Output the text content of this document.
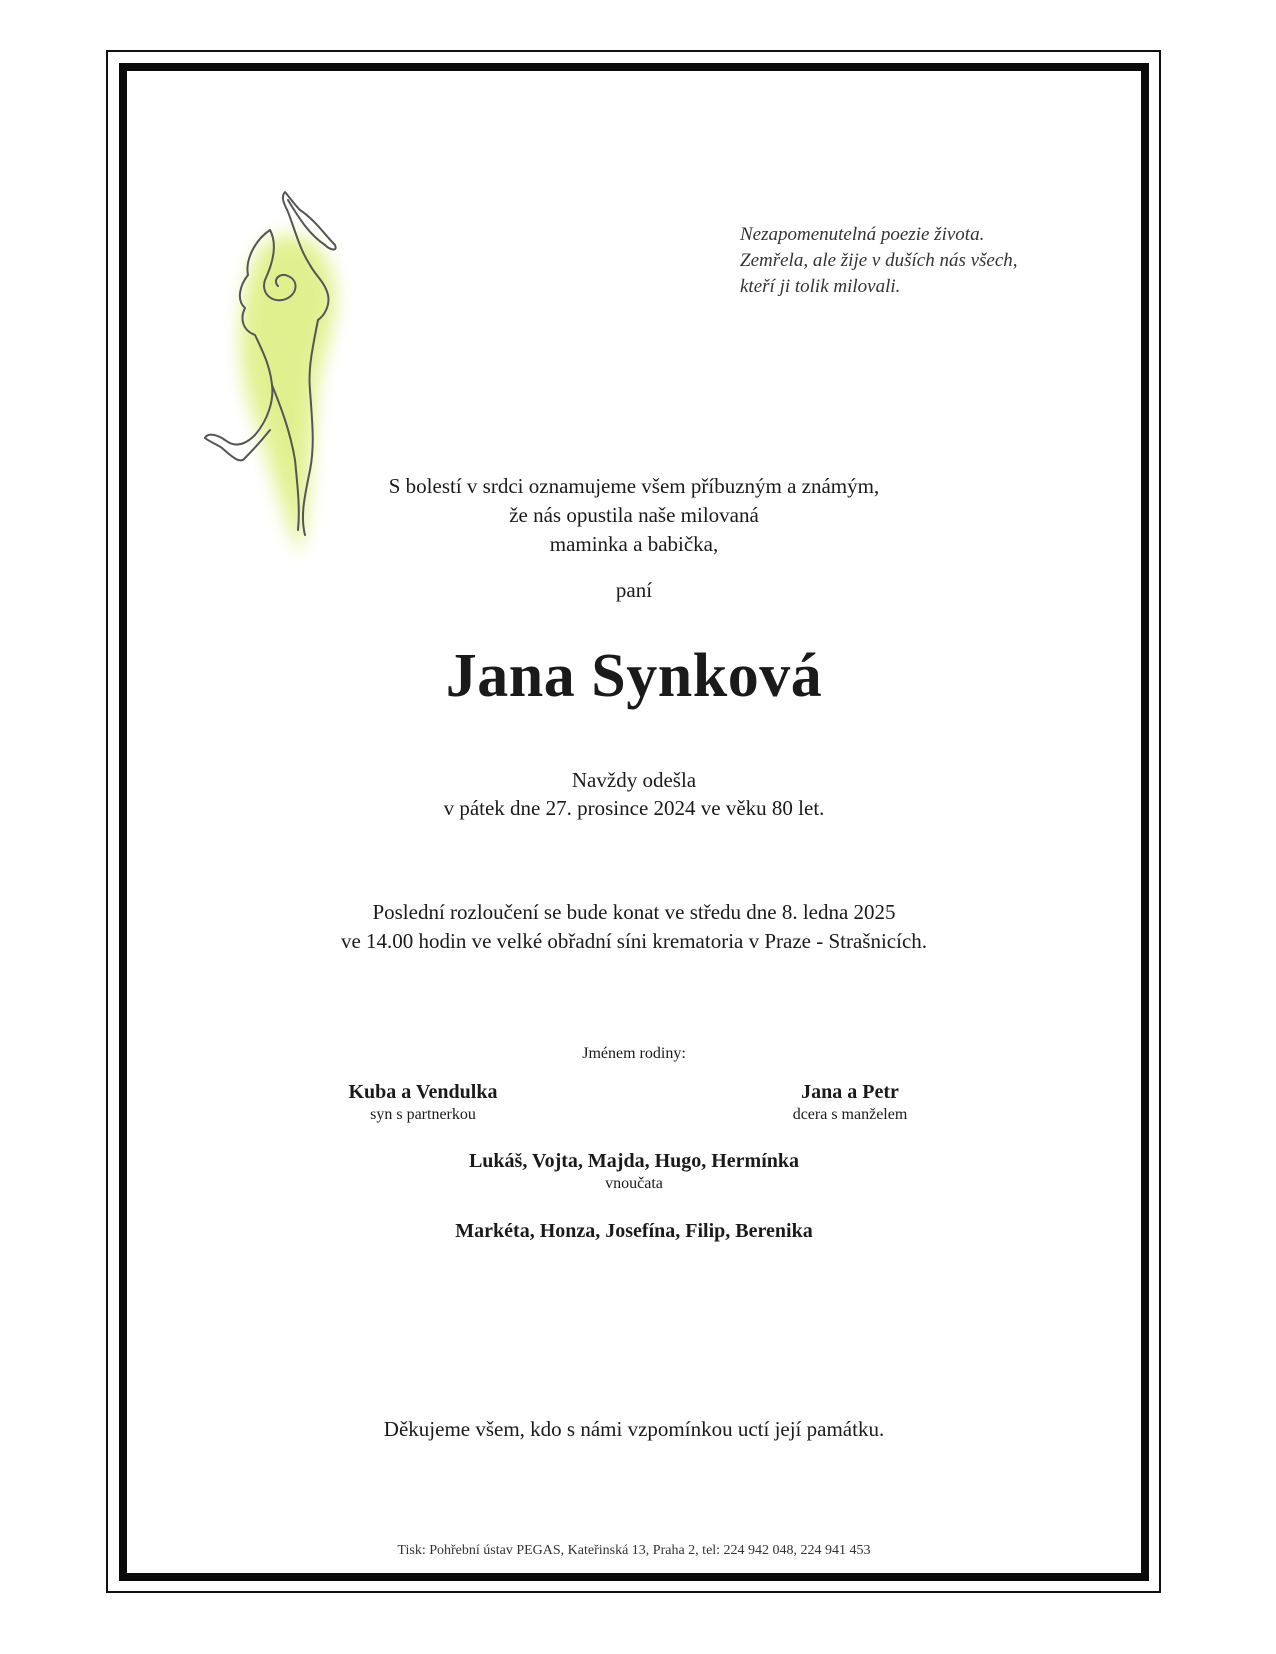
Nezapomenutelná poezie života.
Zemřela, ale žije v duších nás všech,
kteří ji tolik milovali.
S bolestí v srdci oznamujeme všem příbuzným a známým,
že nás opustila naše milovaná
maminka a babička,
paní
Jana Synková
Navždy odešla
v pátek dne 27. prosince 2024 ve věku 80 let.
Poslední rozloučení se bude konat ve středu dne 8. ledna 2025
ve 14.00 hodin ve velké obřadní síni krematoria v Praze - Strašnicích.
Jménem rodiny:
Kuba a Vendulka
syn s partnerkou
Jana a Petr
dcera s manželem
Lukáš, Vojta, Majda, Hugo, Hermínka
vnoučata
Markéta, Honza, Josefína, Filip, Berenika
Děkujeme všem, kdo s námi vzpomínkou uctí její památku.
Tisk: Pohřební ústav PEGAS, Kateřinská 13, Praha 2, tel: 224 942 048, 224 941 453
